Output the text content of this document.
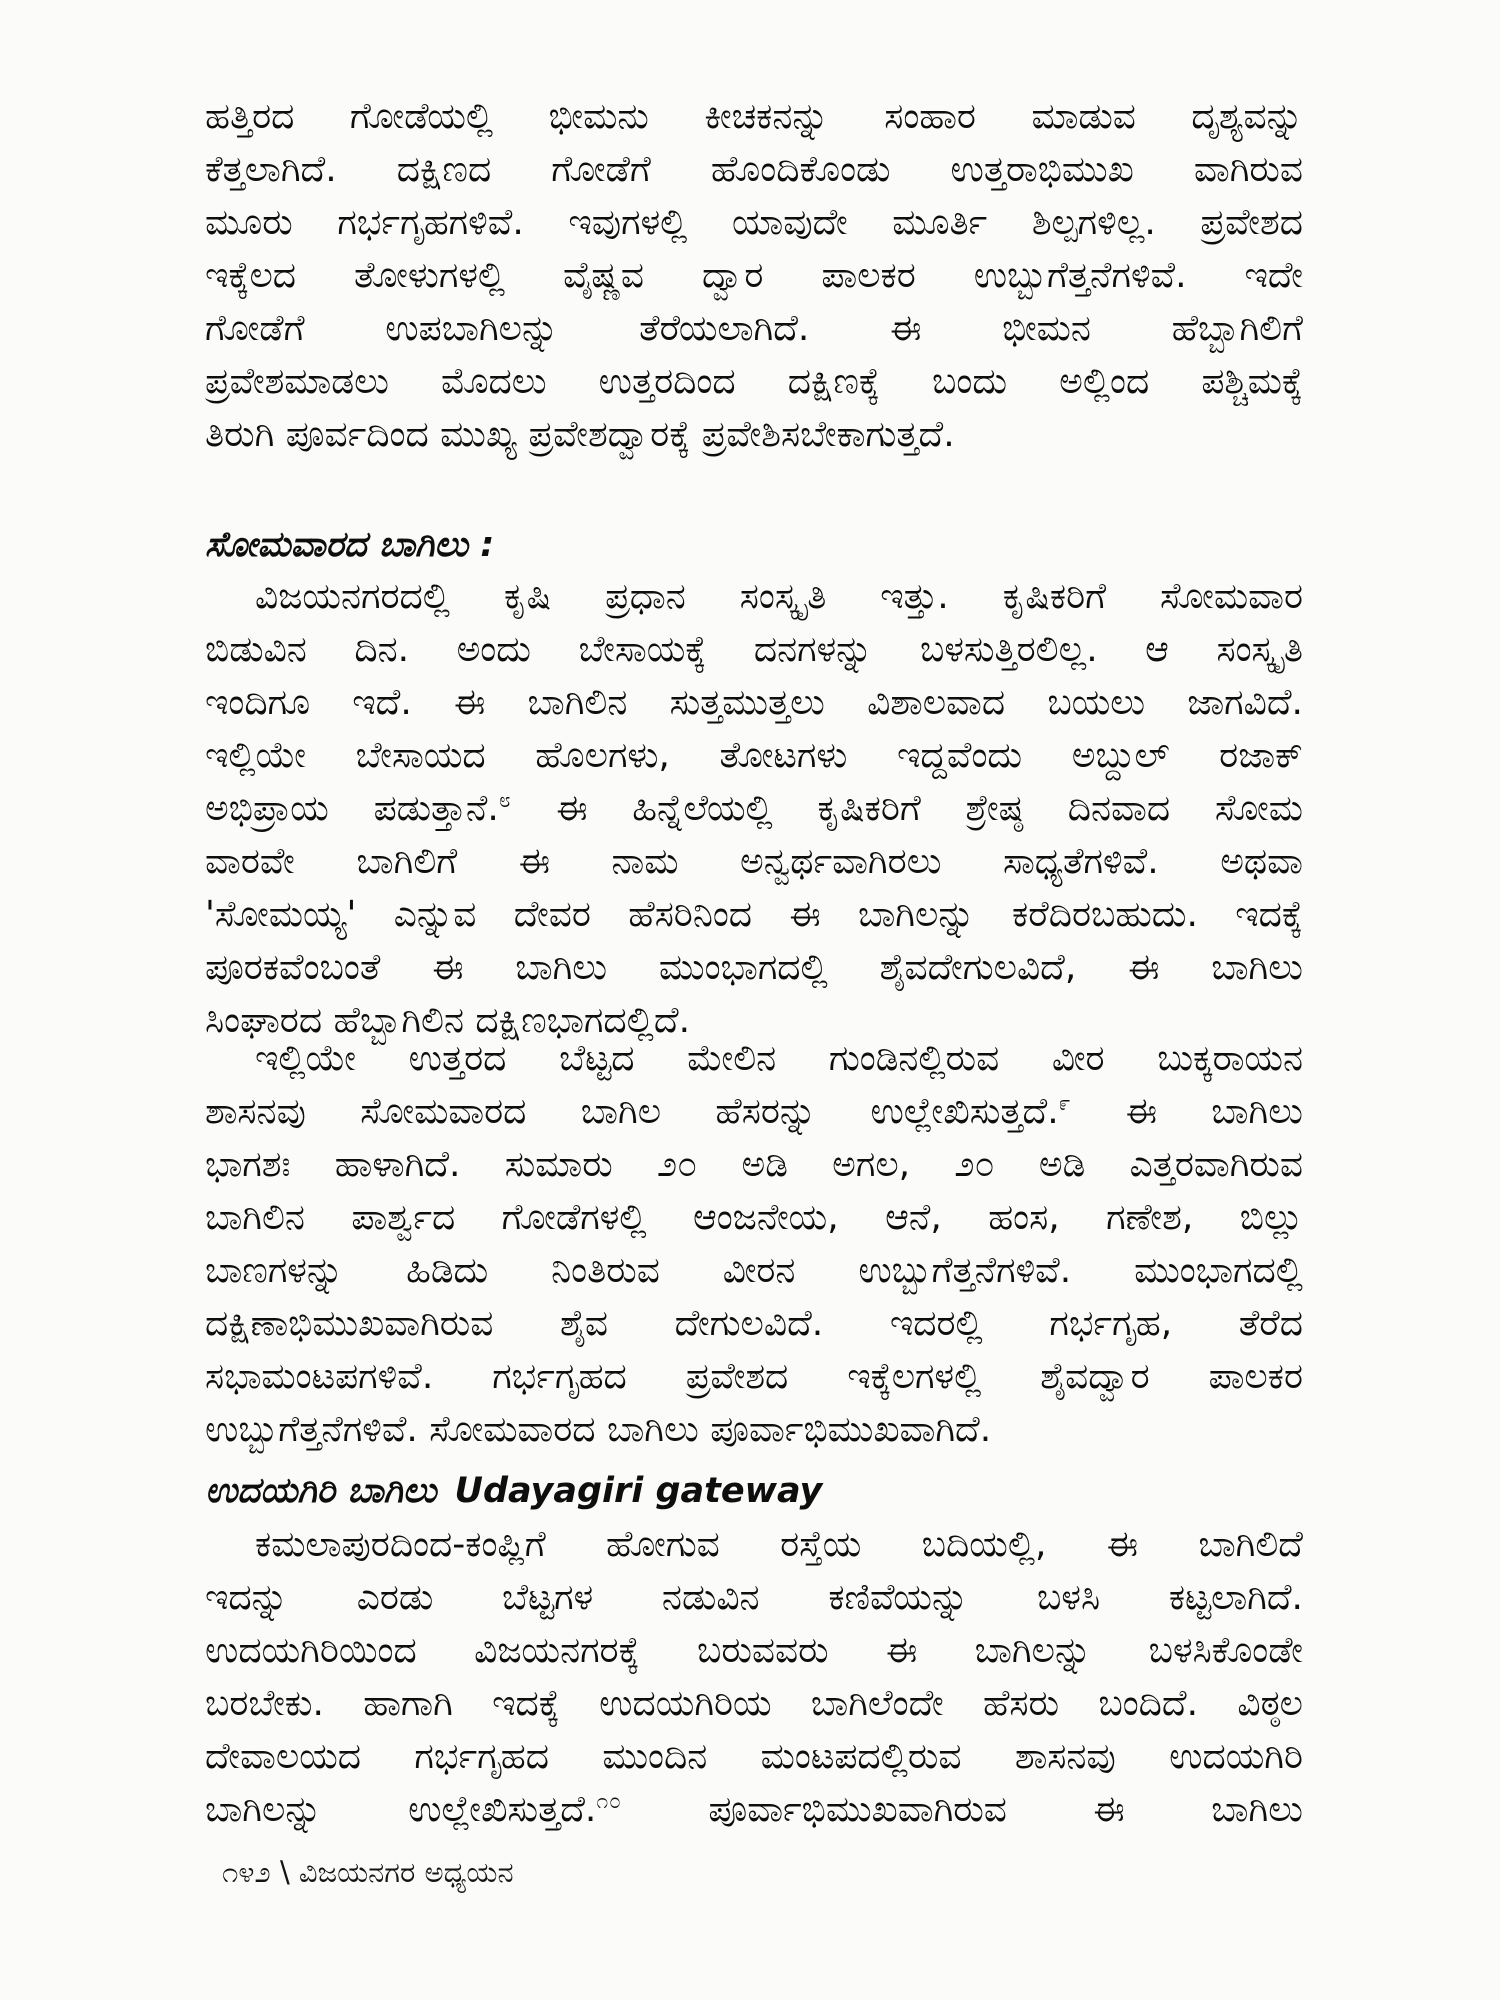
ಹತ್ತಿರದ ಗೋಡೆಯಲ್ಲಿ ಭೀಮನು ಕೀಚಕನನ್ನು ಸಂಹಾರ ಮಾಡುವ ದೃಶ್ಯವನ್ನು
ಕೆತ್ತಲಾಗಿದೆ. ದಕ್ಷಿಣದ ಗೋಡೆಗೆ ಹೊಂದಿಕೊಂಡು ಉತ್ತರಾಭಿಮುಖ ವಾಗಿರುವ
ಮೂರು ಗರ್ಭಗೃಹಗಳಿವೆ. ಇವುಗಳಲ್ಲಿ ಯಾವುದೇ ಮೂರ್ತಿ ಶಿಲ್ಪಗಳಿಲ್ಲ. ಪ್ರವೇಶದ
ಇಕ್ಕೆಲದ ತೋಳುಗಳಲ್ಲಿ ವೈಷ್ಣವ ದ್ವಾರ ಪಾಲಕರ ಉಬ್ಬುಗೆತ್ತನೆಗಳಿವೆ. ಇದೇ
ಗೋಡೆಗೆ ಉಪಬಾಗಿಲನ್ನು ತೆರೆಯಲಾಗಿದೆ. ಈ ಭೀಮನ ಹೆಬ್ಬಾಗಿಲಿಗೆ
ಪ್ರವೇಶಮಾಡಲು ಮೊದಲು ಉತ್ತರದಿಂದ ದಕ್ಷಿಣಕ್ಕೆ ಬಂದು ಅಲ್ಲಿಂದ ಪಶ್ಚಿಮಕ್ಕೆ
ತಿರುಗಿ ಪೂರ್ವದಿಂದ ಮುಖ್ಯ ಪ್ರವೇಶದ್ವಾರಕ್ಕೆ ಪ್ರವೇಶಿಸಬೇಕಾಗುತ್ತದೆ.
ಸೋಮವಾರದ ಬಾಗಿಲು :
ವಿಜಯನಗರದಲ್ಲಿ ಕೃಷಿ ಪ್ರಧಾನ ಸಂಸ್ಕೃತಿ ಇತ್ತು. ಕೃಷಿಕರಿಗೆ ಸೋಮವಾರ
ಬಿಡುವಿನ ದಿನ. ಅಂದು ಬೇಸಾಯಕ್ಕೆ ದನಗಳನ್ನು ಬಳಸುತ್ತಿರಲಿಲ್ಲ. ಆ ಸಂಸ್ಕೃತಿ
ಇಂದಿಗೂ ಇದೆ. ಈ ಬಾಗಿಲಿನ ಸುತ್ತಮುತ್ತಲು ವಿಶಾಲವಾದ ಬಯಲು ಜಾಗವಿದೆ.
ಇಲ್ಲಿಯೇ ಬೇಸಾಯದ ಹೊಲಗಳು, ತೋಟಗಳು ಇದ್ದವೆಂದು ಅಬ್ದುಲ್ ರಜಾಕ್
ಅಭಿಪ್ರಾಯ ಪಡುತ್ತಾನೆ.$^೮$ ಈ ಹಿನ್ನೆಲೆಯಲ್ಲಿ ಕೃಷಿಕರಿಗೆ ಶ್ರೇಷ್ಠ ದಿನವಾದ ಸೋಮ
ವಾರವೇ ಬಾಗಿಲಿಗೆ ಈ ನಾಮ ಅನ್ವರ್ಥವಾಗಿರಲು ಸಾಧ್ಯತೆಗಳಿವೆ. ಅಥವಾ
'ಸೋಮಯ್ಯ' ಎನ್ನುವ ದೇವರ ಹೆಸರಿನಿಂದ ಈ ಬಾಗಿಲನ್ನು ಕರೆದಿರಬಹುದು. ಇದಕ್ಕೆ
ಪೂರಕವೆಂಬಂತೆ ಈ ಬಾಗಿಲು ಮುಂಭಾಗದಲ್ಲಿ ಶೈವದೇಗುಲವಿದೆ, ಈ ಬಾಗಿಲು
ಸಿಂಘಾರದ ಹೆಬ್ಬಾಗಿಲಿನ ದಕ್ಷಿಣಭಾಗದಲ್ಲಿದೆ.
ಇಲ್ಲಿಯೇ ಉತ್ತರದ ಬೆಟ್ಟದ ಮೇಲಿನ ಗುಂಡಿನಲ್ಲಿರುವ ವೀರ ಬುಕ್ಕರಾಯನ
ಶಾಸನವು ಸೋಮವಾರದ ಬಾಗಿಲ ಹೆಸರನ್ನು ಉಲ್ಲೇಖಿಸುತ್ತದೆ.$^೯$ ಈ ಬಾಗಿಲು
ಭಾಗಶಃ ಹಾಳಾಗಿದೆ. ಸುಮಾರು ೨೦ ಅಡಿ ಅಗಲ, ೨೦ ಅಡಿ ಎತ್ತರವಾಗಿರುವ
ಬಾಗಿಲಿನ ಪಾರ್ಶ್ವದ ಗೋಡೆಗಳಲ್ಲಿ ಆಂಜನೇಯ, ಆನೆ, ಹಂಸ, ಗಣೇಶ, ಬಿಲ್ಲು
ಬಾಣಗಳನ್ನು ಹಿಡಿದು ನಿಂತಿರುವ ವೀರನ ಉಬ್ಬುಗೆತ್ತನೆಗಳಿವೆ. ಮುಂಭಾಗದಲ್ಲಿ
ದಕ್ಷಿಣಾಭಿಮುಖವಾಗಿರುವ ಶೈವ ದೇಗುಲವಿದೆ. ಇದರಲ್ಲಿ ಗರ್ಭಗೃಹ, ತೆರೆದ
ಸಭಾಮಂಟಪಗಳಿವೆ. ಗರ್ಭಗೃಹದ ಪ್ರವೇಶದ ಇಕ್ಕೆಲಗಳಲ್ಲಿ ಶೈವದ್ವಾರ ಪಾಲಕರ
ಉಬ್ಬುಗೆತ್ತನೆಗಳಿವೆ. ಸೋಮವಾರದ ಬಾಗಿಲು ಪೂರ್ವಾಭಿಮುಖವಾಗಿದೆ.
ಉದಯಗಿರಿ ಬಾಗಿಲು Udayagiri gateway
ಕಮಲಾಪುರದಿಂದ-ಕಂಪ್ಲಿಗೆ ಹೋಗುವ ರಸ್ತೆಯ ಬದಿಯಲ್ಲಿ, ಈ ಬಾಗಿಲಿದೆ
ಇದನ್ನು ಎರಡು ಬೆಟ್ಟಗಳ ನಡುವಿನ ಕಣಿವೆಯನ್ನು ಬಳಸಿ ಕಟ್ಟಲಾಗಿದೆ.
ಉದಯಗಿರಿಯಿಂದ ವಿಜಯನಗರಕ್ಕೆ ಬರುವವರು ಈ ಬಾಗಿಲನ್ನು ಬಳಸಿಕೊಂಡೇ
ಬರಬೇಕು. ಹಾಗಾಗಿ ಇದಕ್ಕೆ ಉದಯಗಿರಿಯ ಬಾಗಿಲೆಂದೇ ಹೆಸರು ಬಂದಿದೆ. ವಿಠ್ಠಲ
ದೇವಾಲಯದ ಗರ್ಭಗೃಹದ ಮುಂದಿನ ಮಂಟಪದಲ್ಲಿರುವ ಶಾಸನವು ಉದಯಗಿರಿ
ಬಾಗಿಲನ್ನು ಉಲ್ಲೇಖಿಸುತ್ತದೆ.$^{೧೦}$ ಪೂರ್ವಾಭಿಮುಖವಾಗಿರುವ ಈ ಬಾಗಿಲು
೧೪೨ \ ವಿಜಯನಗರ ಅಧ್ಯಯನ
